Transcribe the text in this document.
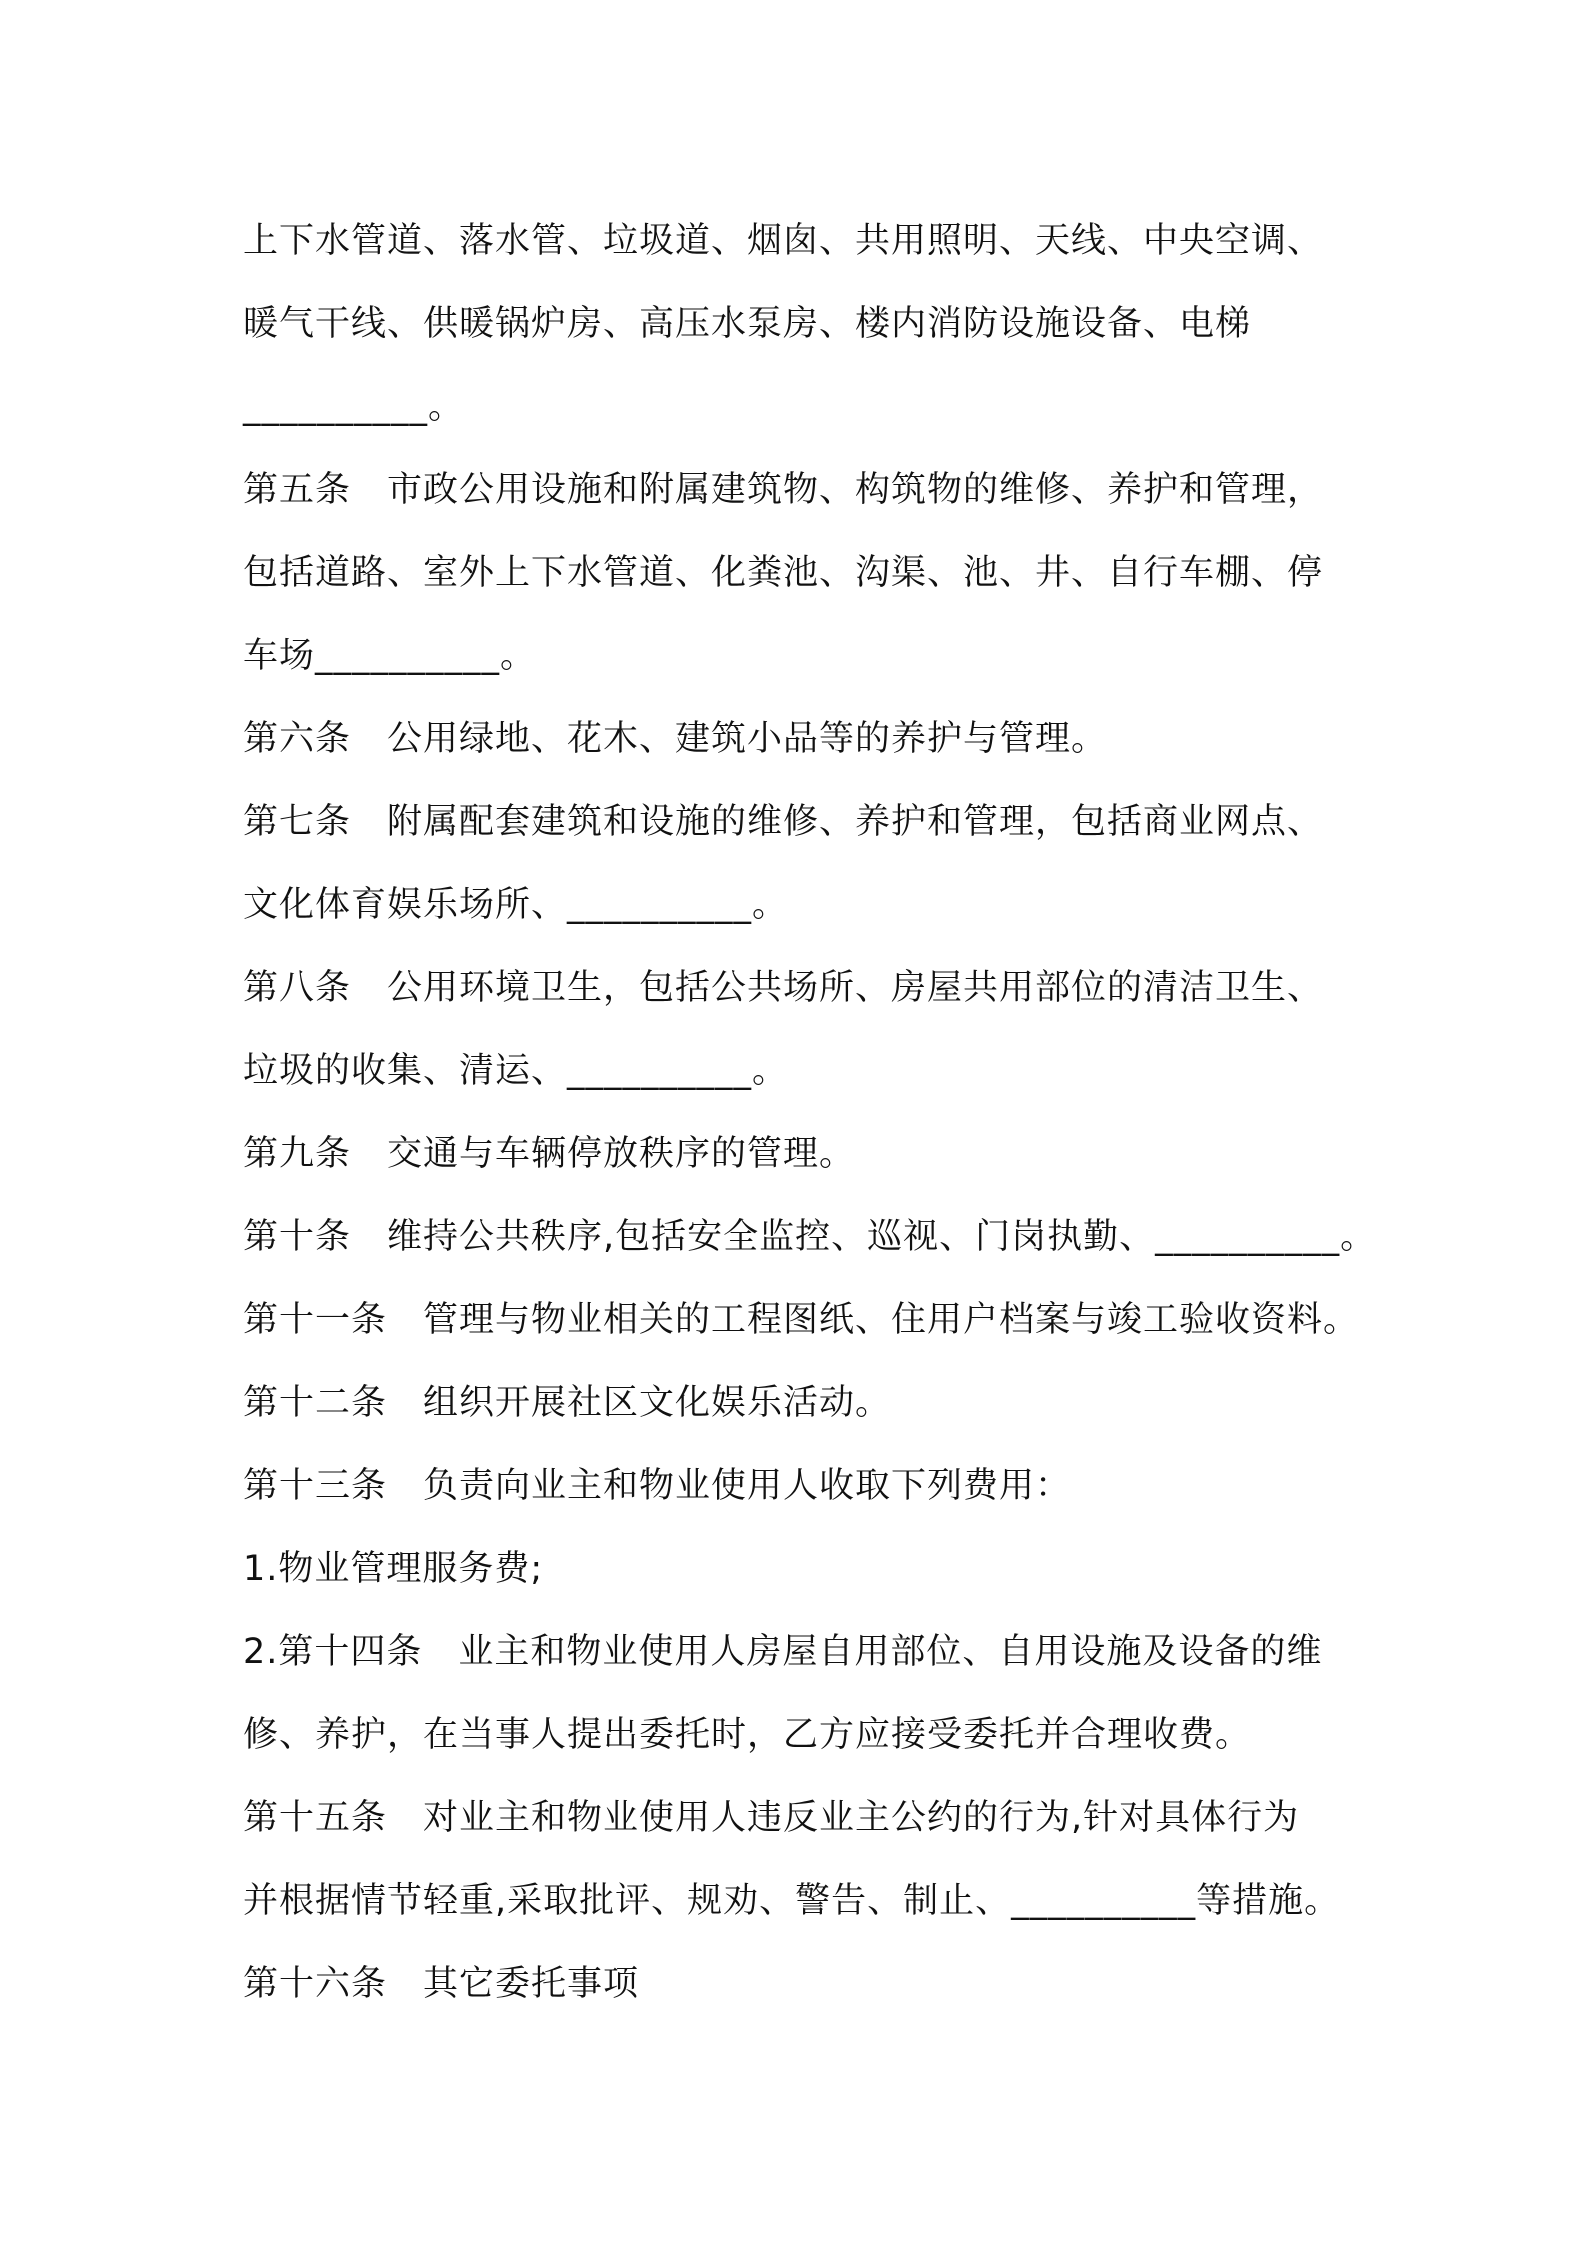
上下水管道、落水管、垃圾道、烟囱、共用照明、天线、中央空调、
暖气干线、供暖锅炉房、高压水泵房、楼内消防设施设备、电梯
__________。
第五条　市政公用设施和附属建筑物、构筑物的维修、养护和管理，
包括道路、室外上下水管道、化粪池、沟渠、池、井、自行车棚、停
车场__________。
第六条　公用绿地、花木、建筑小品等的养护与管理。
第七条　附属配套建筑和设施的维修、养护和管理，包括商业网点、
文化体育娱乐场所、__________。
第八条　公用环境卫生，包括公共场所、房屋共用部位的清洁卫生、
垃圾的收集、清运、__________。
第九条　交通与车辆停放秩序的管理。
第十条　维持公共秩序,包括安全监控、巡视、门岗执勤、__________。
第十一条　管理与物业相关的工程图纸、住用户档案与竣工验收资料。
第十二条　组织开展社区文化娱乐活动。
第十三条　负责向业主和物业使用人收取下列费用：
1.物业管理服务费;
2.第十四条　业主和物业使用人房屋自用部位、自用设施及设备的维
修、养护，在当事人提出委托时，乙方应接受委托并合理收费。
第十五条　对业主和物业使用人违反业主公约的行为,针对具体行为
并根据情节轻重,采取批评、规劝、警告、制止、__________等措施。
第十六条　其它委托事项
